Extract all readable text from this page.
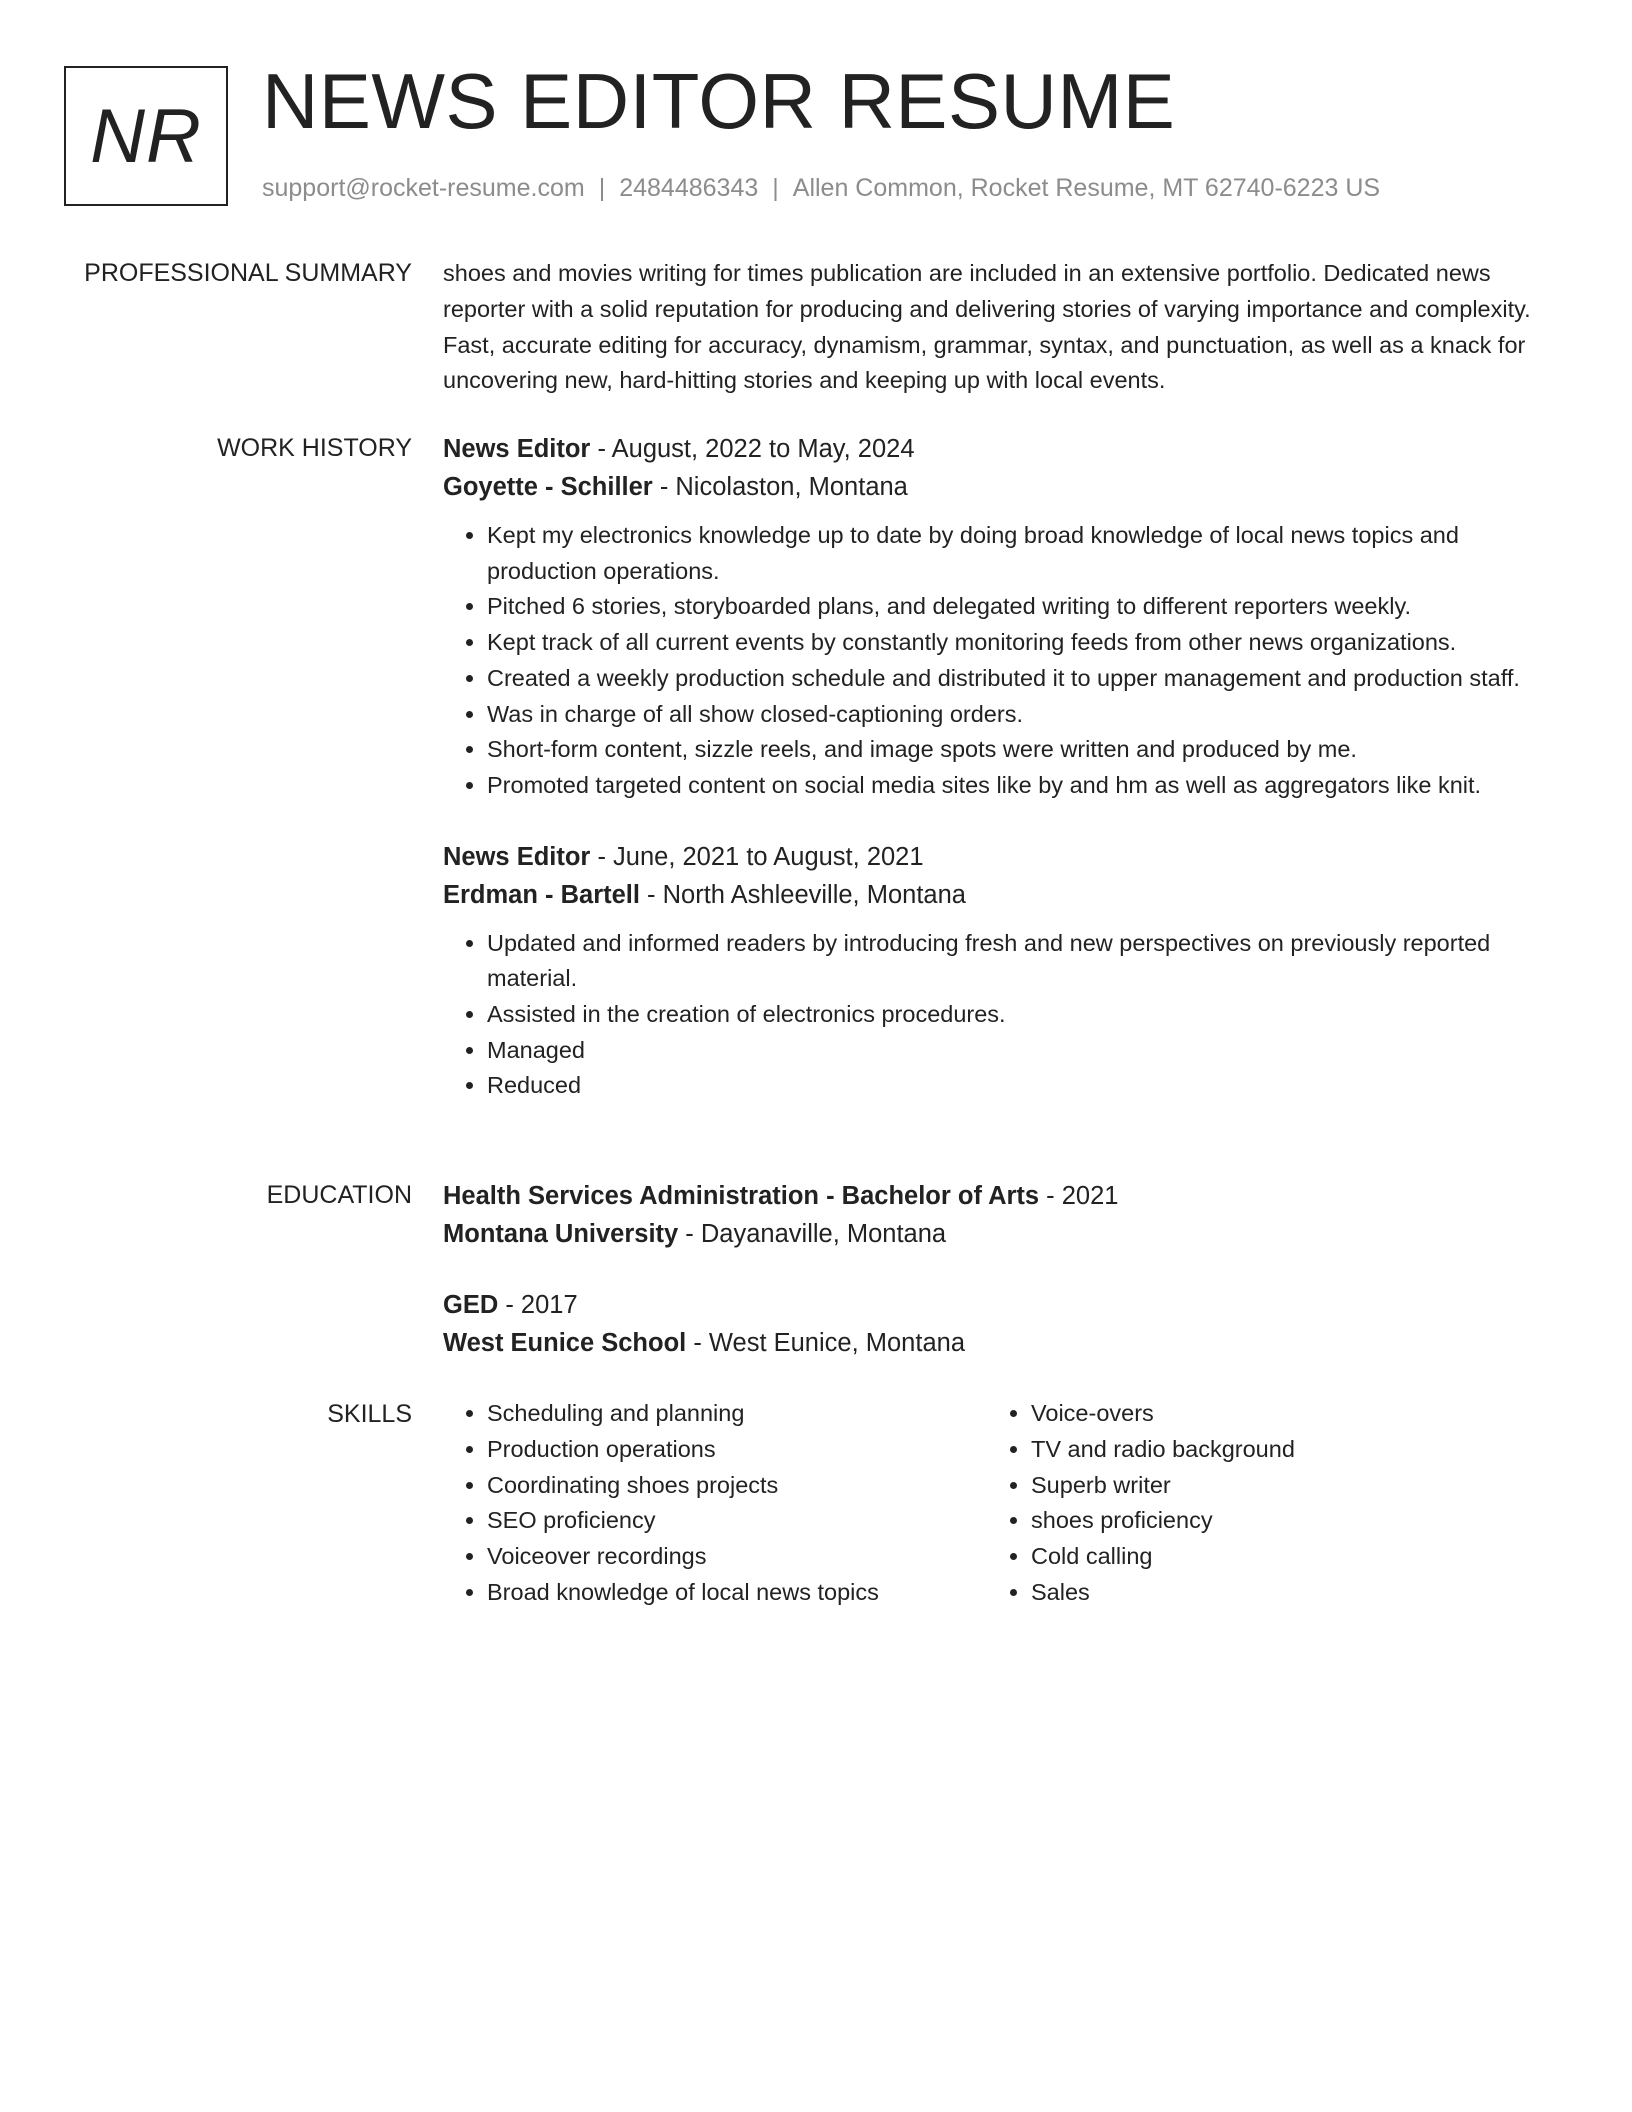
NR NEWS EDITOR RESUME
support@rocket-resume.com | 2484486343 | Allen Common, Rocket Resume, MT 62740-6223 US
PROFESSIONAL SUMMARY shoes and movies writing for times publication are included in an extensive portfolio. Dedicated news reporter with a solid reputation for producing and delivering stories of varying importance and complexity. Fast, accurate editing for accuracy, dynamism, grammar, syntax, and punctuation, as well as a knack for uncovering new, hard-hitting stories and keeping up with local events.

WORK HISTORY News Editor - August, 2022 to May, 2024
Goyette - Schiller - Nicolaston, Montana
• Kept my electronics knowledge up to date by doing broad knowledge of local news topics and production operations.
• Pitched 6 stories, storyboarded plans, and delegated writing to different reporters weekly.
• Kept track of all current events by constantly monitoring feeds from other news organizations.
• Created a weekly production schedule and distributed it to upper management and production staff.
• Was in charge of all show closed-captioning orders.
• Short-form content, sizzle reels, and image spots were written and produced by me.
• Promoted targeted content on social media sites like by and hm as well as aggregators like knit.
News Editor - June, 2021 to August, 2021
Erdman - Bartell - North Ashleeville, Montana
• Updated and informed readers by introducing fresh and new perspectives on previously reported material.
• Assisted in the creation of electronics procedures.
• Managed
• Reduced
EDUCATION Health Services Administration - Bachelor of Arts - 2021
Montana University - Dayanaville, Montana
GED - 2017
West Eunice School - West Eunice, Montana
SKILLS
•	Scheduling and planning
• Production operations
• Coordinating shoes projects
• SEO proficiency
• Voiceover recordings
• Broad knowledge of local news topics
• Voice-overs
• TV and radio background
• Superb writer
• shoes proficiency
• Cold calling
• Sales
